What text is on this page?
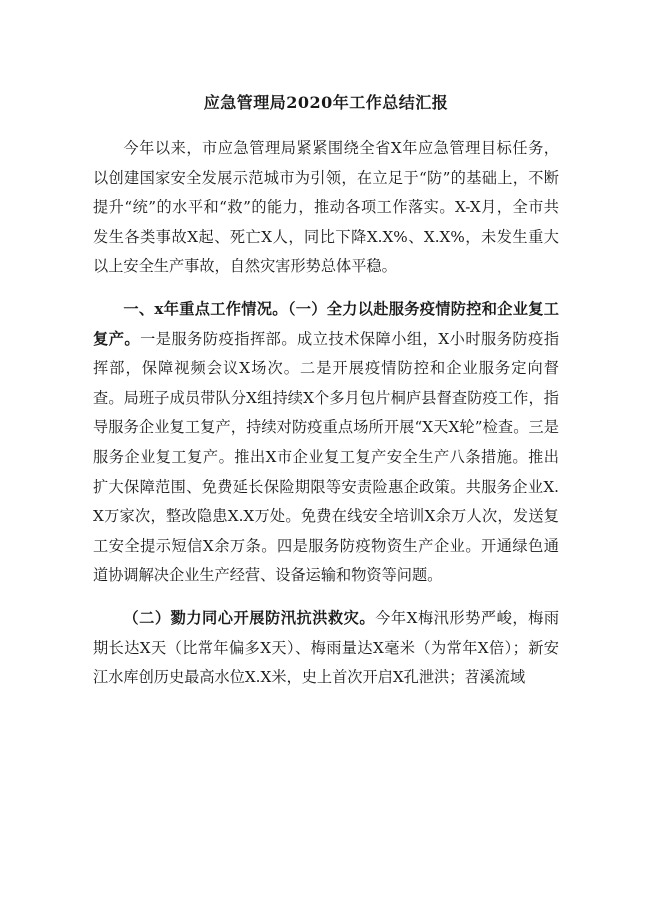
应急管理局2020年工作总结汇报

今年以来，市应急管理局紧紧围绕全省X年应急管理目标任务，以创建国家安全发展示范城市为引领，在立足于“防”的基础上，不断提升“统”的水平和“救”的能力，推动各项工作落实。X-X月，全市共发生各类事故X起、死亡X人，同比下降X.X%、X.X%，未发生重大以上安全生产事故，自然灾害形势总体平稳。

一、x年重点工作情况。（一）全力以赴服务疫情防控和企业复工复产。一是服务防疫指挥部。成立技术保障小组，X小时服务防疫指挥部，保障视频会议X场次。二是开展疫情防控和企业服务定向督查。局班子成员带队分X组持续X个多月包片桐庐县督查防疫工作，指导服务企业复工复产，持续对防疫重点场所开展“X天X轮”检查。三是服务企业复工复产。推出X市企业复工复产安全生产八条措施。推出扩大保障范围、免费延长保险期限等安责险惠企政策。共服务企业X.X万家次，整改隐患X.X万处。免费在线安全培训X余万人次，发送复工安全提示短信X余万条。四是服务防疫物资生产企业。开通绿色通道协调解决企业生产经营、设备运输和物资等问题。

（二）勠力同心开展防汛抗洪救灾。今年X梅汛形势严峻，梅雨期长达X天（比常年偏多X天）、梅雨量达X毫米（为常年X倍）；新安江水库创历史最高水位X.X米，史上首次开启X孔泄洪；苕溪流域
